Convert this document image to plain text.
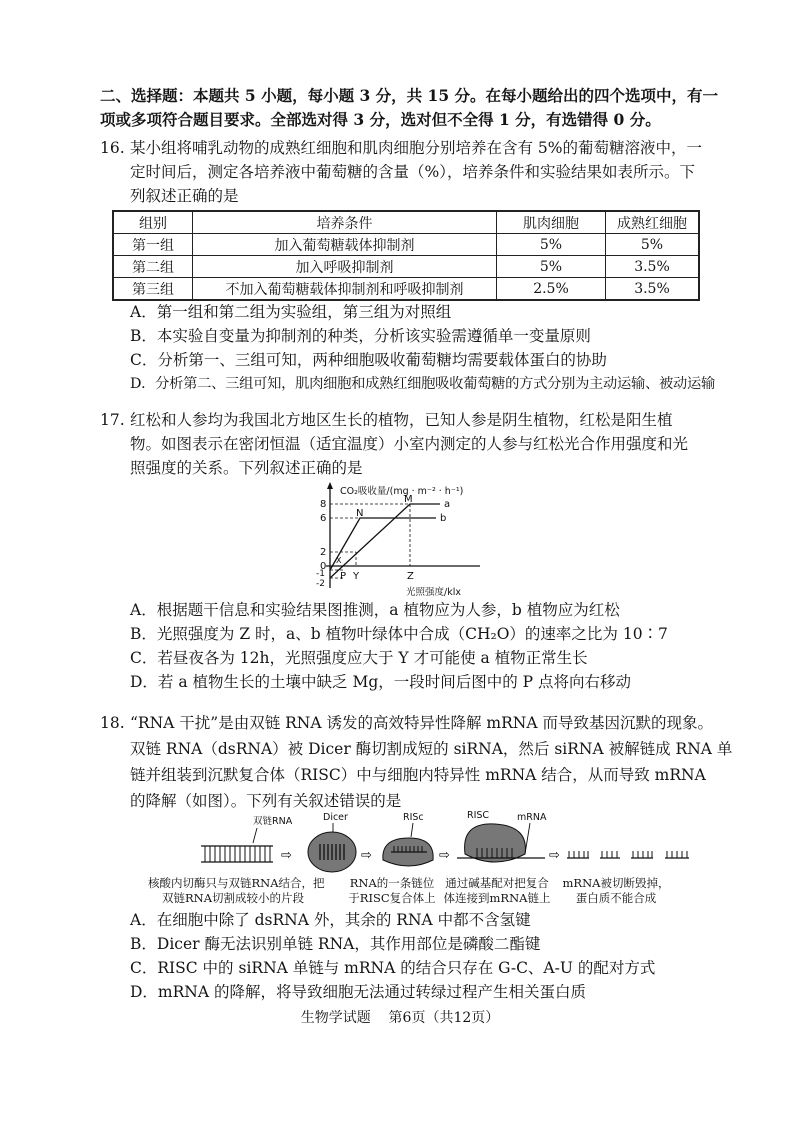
二、选择题：本题共 5 小题，每小题 3 分，共 15 分。在每小题给出的四个选项中，有一
项或多项符合题目要求。全部选对得 3 分，选对但不全得 1 分，有选错得 0 分。
16. 某小组将哺乳动物的成熟红细胞和肌肉细胞分别培养在含有 5%的葡萄糖溶液中，一
定时间后，测定各培养液中葡萄糖的含量（%），培养条件和实验结果如表所示。下
列叙述正确的是
组别	培养条件	肌肉细胞	成熟红细胞
第一组	加入葡萄糖载体抑制剂	5%	5%
第二组	加入呼吸抑制剂	5%	3.5%
第三组	不加入葡萄糖载体抑制剂和呼吸抑制剂	2.5%	3.5%
A．第一组和第二组为实验组，第三组为对照组
B．本实验自变量为抑制剂的种类，分析该实验需遵循单一变量原则
C．分析第一、三组可知，两种细胞吸收葡萄糖均需要载体蛋白的协助
D．分析第二、三组可知，肌肉细胞和成熟红细胞吸收葡萄糖的方式分别为主动运输、被动运输
17. 红松和人参均为我国北方地区生长的植物，已知人参是阴生植物，红松是阳生植
物。如图表示在密闭恒温（适宜温度）小室内测定的人参与红松光合作用强度和光
照强度的关系。下列叙述正确的是
CO₂吸收量/(mg · m⁻² · h⁻¹)
光照强度/klx
8
6
2
0
-1
-2
P Y	Z
M
N
X
a
b
A．根据题干信息和实验结果图推测，a 植物应为人参，b 植物应为红松
B．光照强度为 Z 时，a、b 植物叶绿体中合成（CH₂O）的速率之比为 10∶7
C．若昼夜各为 12h，光照强度应大于 Y 才可能使 a 植物正常生长
D．若 a 植物生长的土壤中缺乏 Mg，一段时间后图中的 P 点将向右移动
18. “RNA 干扰”是由双链 RNA 诱发的高效特异性降解 mRNA 而导致基因沉默的现象。
双链 RNA（dsRNA）被 Dicer 酶切割成短的 siRNA，然后 siRNA 被解链成 RNA 单
链并组装到沉默复合体（RISC）中与细胞内特异性 mRNA 结合，从而导致 mRNA
的降解（如图）。下列有关叙述错误的是
双链RNA
⇨
Dicer
⇨
RISc
⇨
RISC	mRNA
⇨
核酸内切酶只与双链RNA结合，把
双链RNA切割成较小的片段
RNA的一条链位
于RISC复合体上
通过碱基配对把复合
体连接到mRNA链上
mRNA被切断毁掉，
蛋白质不能合成
A．在细胞中除了 dsRNA 外，其余的 RNA 中都不含氢键
B．Dicer 酶无法识别单链 RNA，其作用部位是磷酸二酯键
C．RISC 中的 siRNA 单链与 mRNA 的结合只存在 G-C、A-U 的配对方式
D．mRNA 的降解，将导致细胞无法通过转绿过程产生相关蛋白质
生物学试题    第6页（共12页）
